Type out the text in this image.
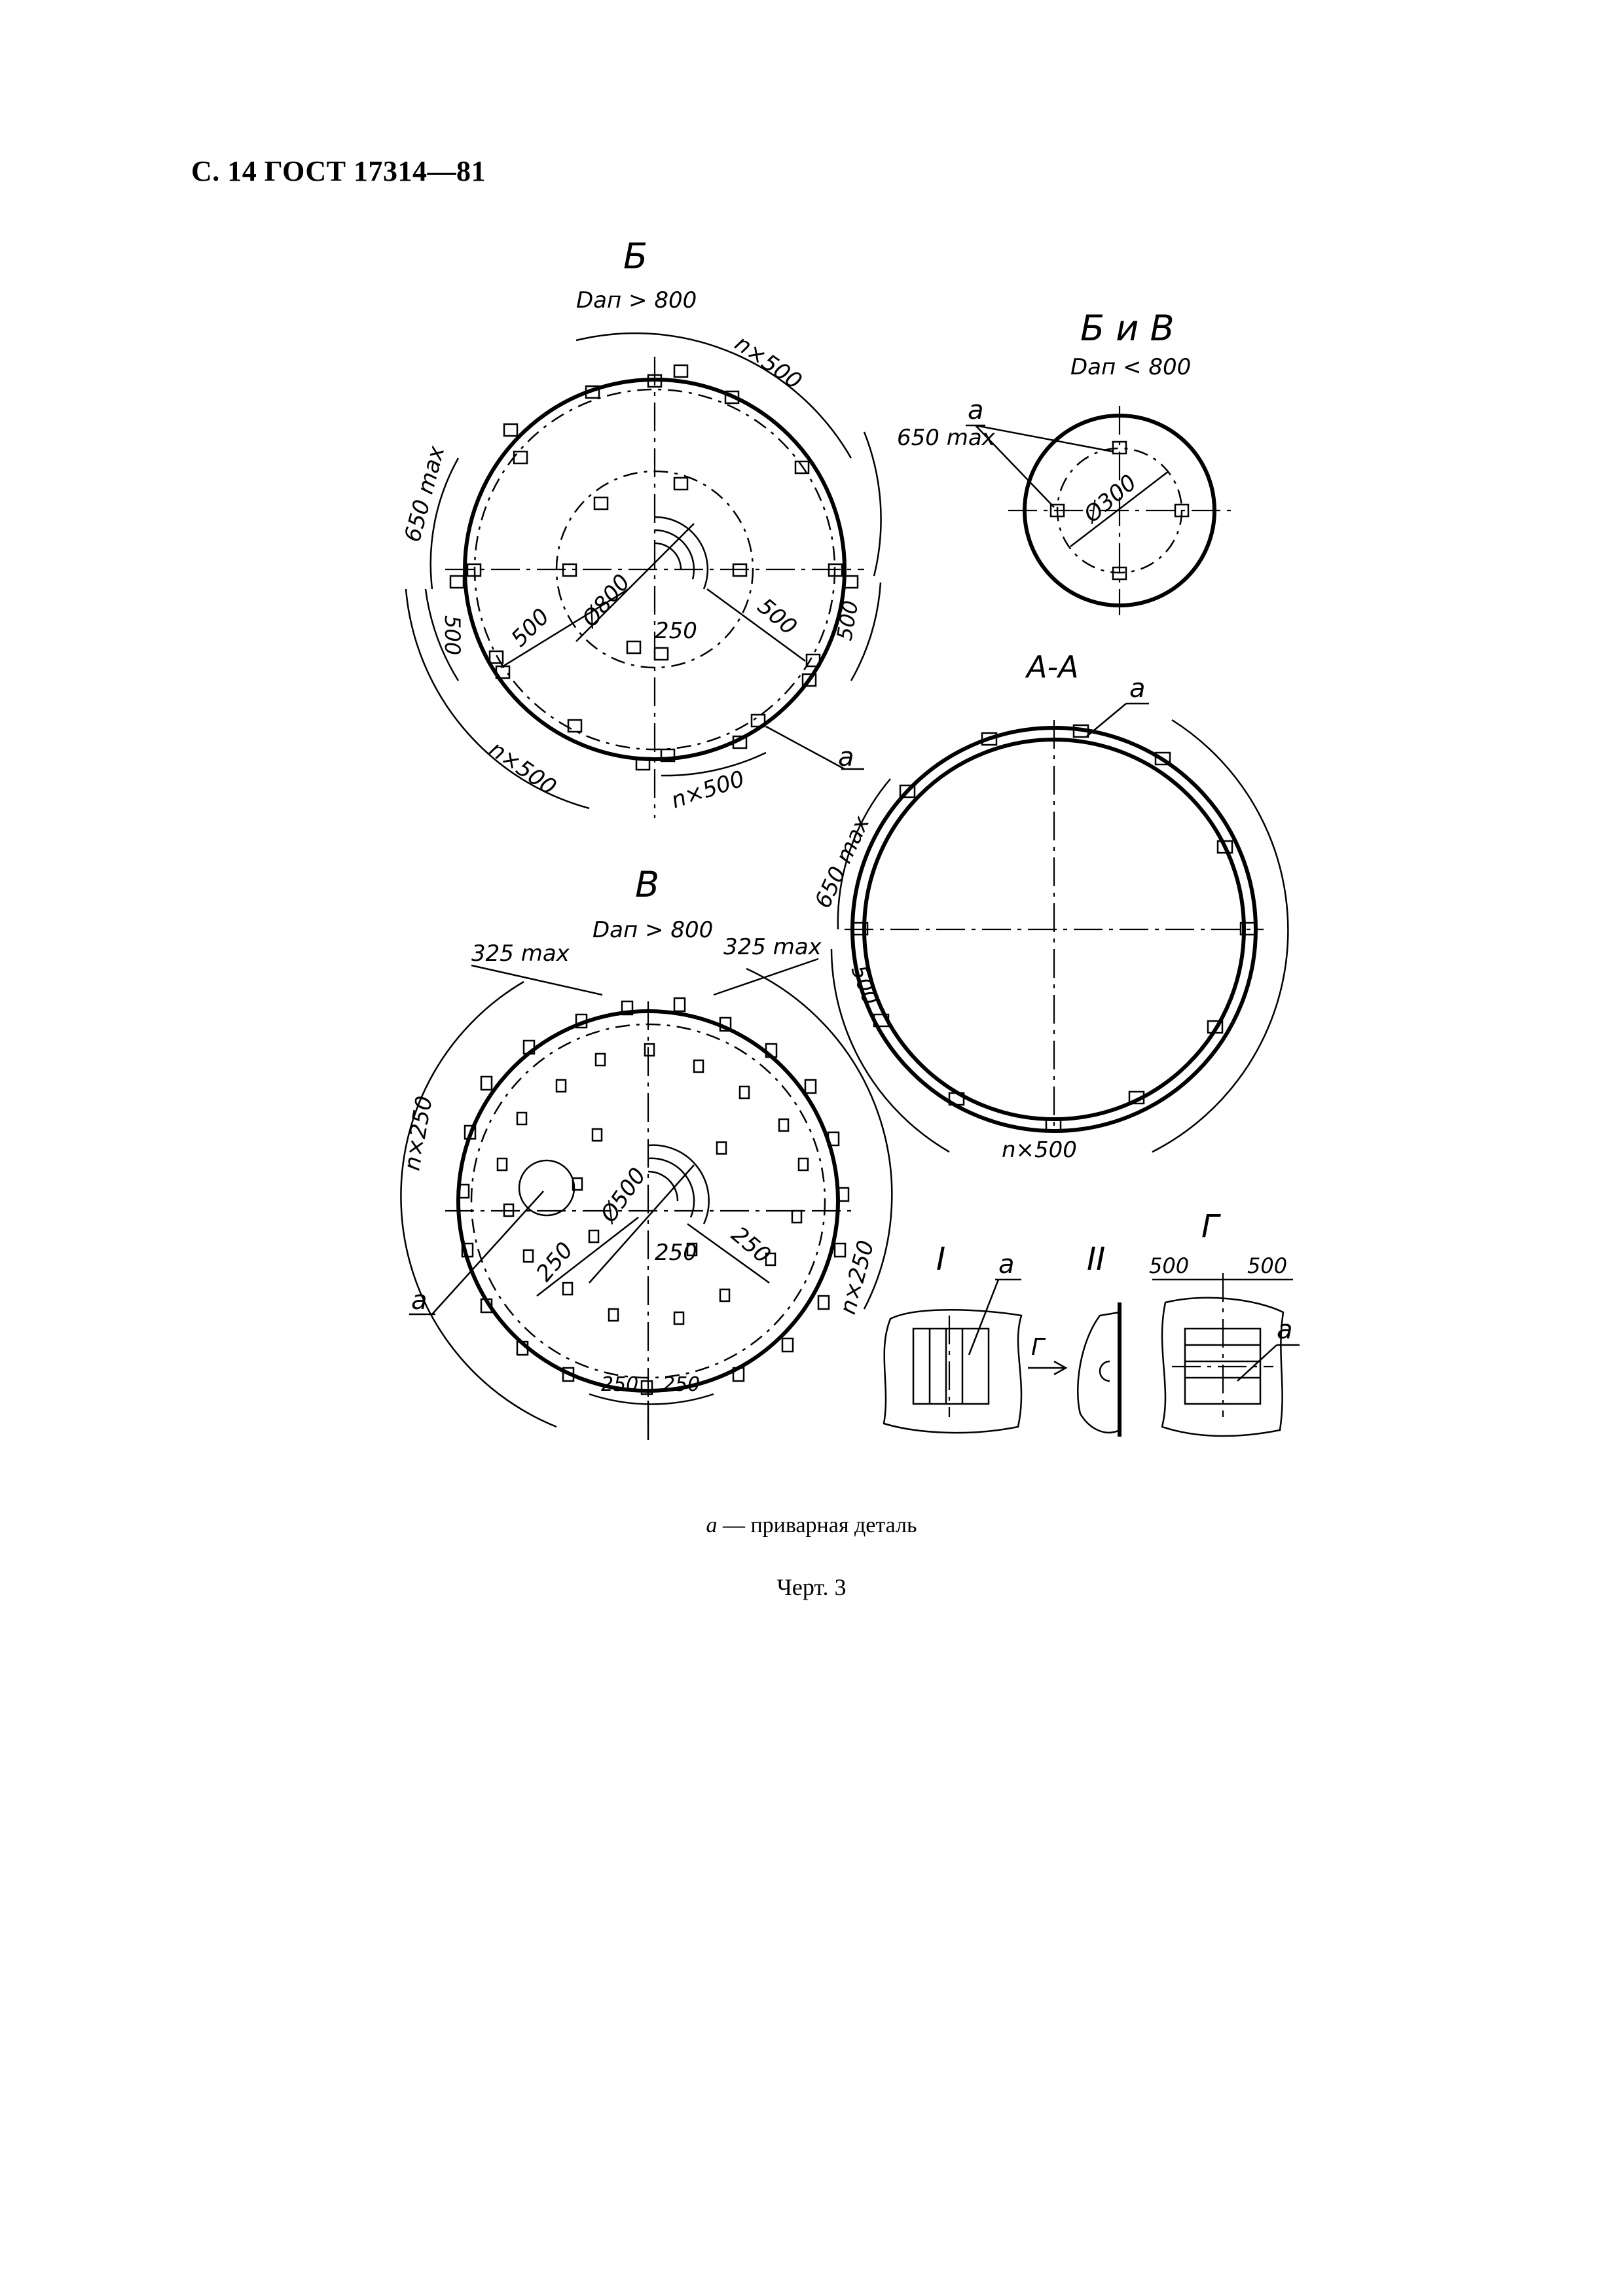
С. 14 ГОСТ 17314—81
Б
Dап > 800
n×500
650 max
650 max
Ø800
500 500	250 500 500
n×500	n×500
а
Б и В
Dап < 800
а
Ø300
А-А
а
650 max
500
n×500
В
Dап > 800
325 max	325 max
n×250
n×250
Ø500
250	250 250
250 250
а
I а
Г
II
Г
500	500
а
а — приварная деталь
Черт. 3
